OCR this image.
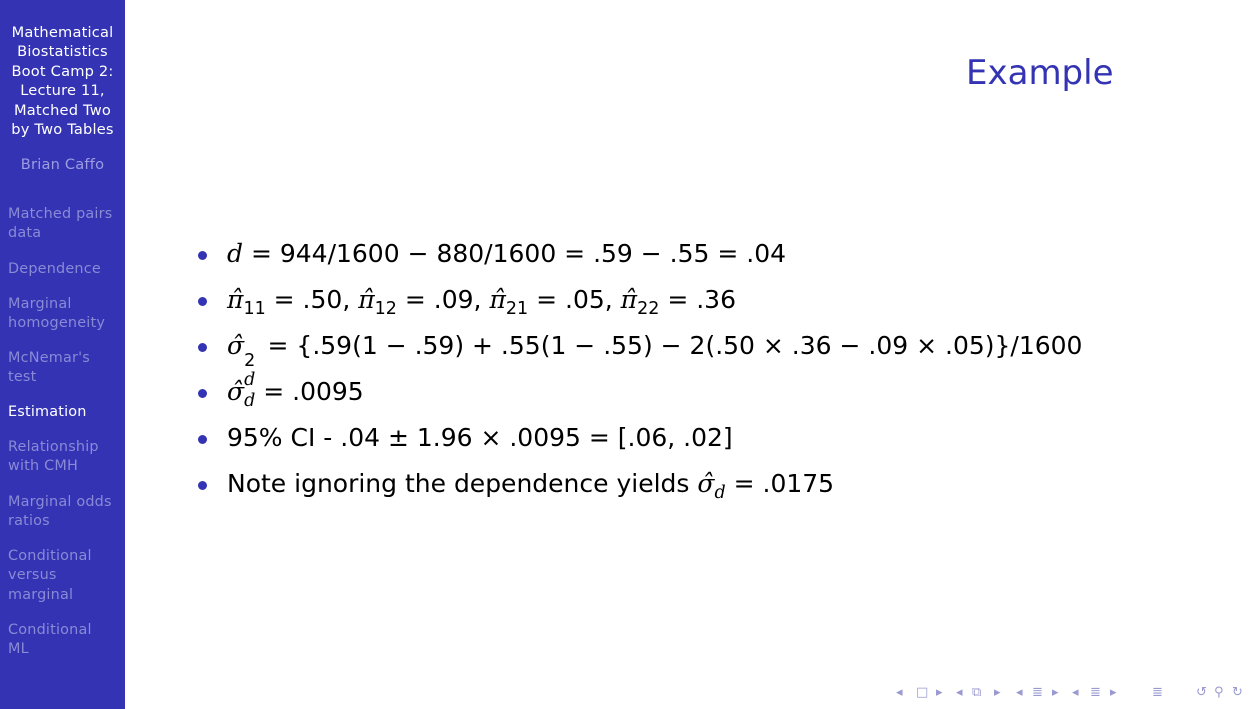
Mathematical
Biostatistics
Boot Camp 2:
Lecture 11,
Matched Two
by Two Tables
Brian Caffo
Matched pairs
data
Dependence
Marginal
homogeneity
McNemar's
test
Estimation
Relationship
with CMH
Marginal odds
ratios
Conditional
versus
marginal
Conditional
ML
Example
d = 944/1600 − 880/1600 = .59 − .55 = .04
$\pî_{11} = .50$, $\pî_{12} = .09$, $\pî_{21} = .05$, $\pî_{22} = .36$
σ̂
2
d
= {.59(1 − .59) + .55(1 − .55) − 2(.50 × .36 − .09 × .05)}/1600
$\sigmâ_d = .0095$
95% CI - .04 ± 1.96 × .0095 = [.06, .02]
Note ignoring the dependence yields $\sigmâ_d = .0175$
◂ □ ▸ ◂ ⧉ ▸ ◂ ≣ ▸ ◂ ≣ ▸	≣	↺ ⚲ ↻
